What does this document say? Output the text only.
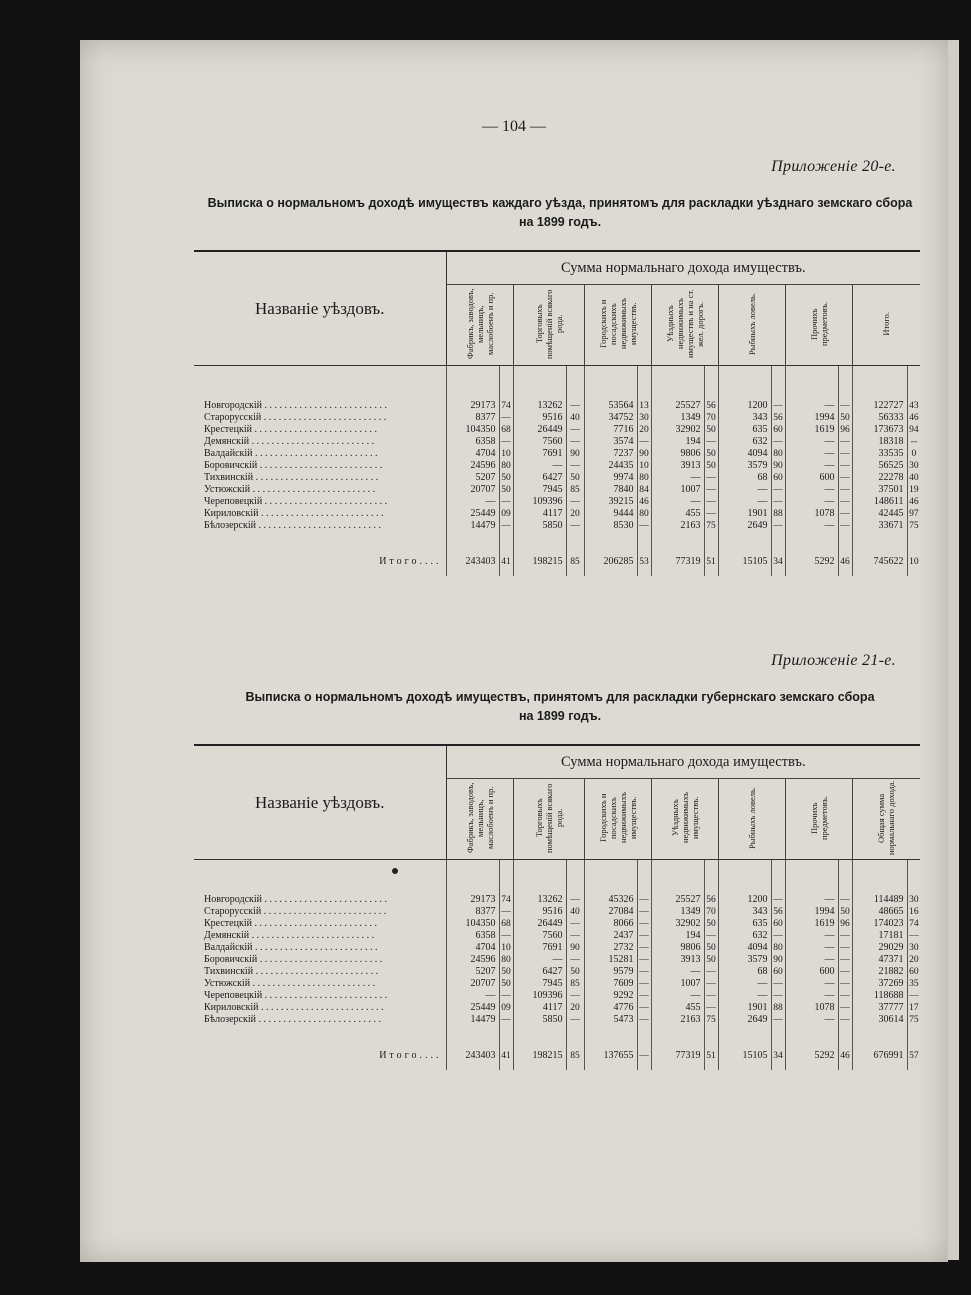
— 104 —
Приложеніе 20-е.
Выписка о нормальномъ доходѣ имуществъ каждаго уѣзда, принятомъ для раскладки уѣзднаго земскаго сбора
на 1899 годъ.
Названіе уѣздовъ.	Сумма нормальнаго дохода имуществъ.													
	Фабрикъ, заводовъ, мельницъ, маслобоенъ и пр.		Торговыхъ помѣщеній всякаго рода.		Городскихъ и посадскихъ недвижимыхъ имуществъ.		Уѣздныхъ недвижимыхъ имуществъ и на ст. жел. дорогъ.		Рыбныхъ ловель.		Прочихъ предметовъ.		Итого.	
Новгородскій . . .	29173	74	13262	—	53564	13	25527	56	1200	—	—	—	122727	43
Старорусскій . . .	8377	—	9516	40	34752	30	1349	70	343	56	1994	50	56333	46
Крестецкій . . .	104350	68	26449	—	7716	20	32902	50	635	60	1619	96	173673	94
Демянскій . . .	6358	—	7560	—	3574	—	194	—	632	—	—	—	18318	--
Валдайскій . . .	4704	10	7691	90	7237	90	9806	50	4094	80	—	—	33535	0
Боровичскій . . .	24596	80	—	—	24435	10	3913	50	3579	90	—	—	56525	30
Тихвинскій . . .	5207	50	6427	50	9974	80	—	—	68	60	600	—	22278	40
Устюжскій . . .	20707	50	7945	85	7840	84	1007	—	—	—	—	—	37501	19
Череповецкій . . .	—	—	109396	—	39215	46	—	—	—	—	—	—	148611	46
Кириловскій . . .	25449	09	4117	20	9444	80	455	—	1901	88	1078	—	42445	97
Бѣлозерскій . . .	14479	—	5850	—	8530	—	2163	75	2649	—	—	—	33671	75

Итого....	243403	41	198215	85	206285	53	77319	51	15105	34	5292	46	745622	10
Приложеніе 21-е.
Выписка о нормальномъ доходѣ имуществъ, принятомъ для раскладки губернскаго земскаго сбора
на 1899 годъ.
Названіе уѣздовъ.	Сумма нормальнаго дохода имуществъ.													
	Фабрикъ, заводовъ, мельницъ, маслобоенъ и пр.		Торговыхъ помѣщеній всякаго рода.		Городскихъ и посадскихъ недвижимыхъ имуществъ.		Уѣздныхъ недвижимыхъ имуществъ.		Рыбныхъ ловель.		Прочихъ предметовъ.		Общая сумма нормальнаго дохода.	
Новгородскій . . .	29173	74	13262	—	45326	—	25527	56	1200	—	—	—	114489	30
Старорусскій . . .	8377	—	9516	40	27084	—	1349	70	343	56	1994	50	48665	16
Крестецкій . . .	104350	68	26449	—	8066	—	32902	50	635	60	1619	96	174023	74
Демянскій . . .	6358	—	7560	—	2437	—	194	—	632	—	—	—	17181	—
Валдайскій . . .	4704	10	7691	90	2732	—	9806	50	4094	80	—	—	29029	30
Боровичскій . . .	24596	80	—	—	15281	—	3913	50	3579	90	—	—	47371	20
Тихвинскій . . .	5207	50	6427	50	9579	—	—	—	68	60	600	—	21882	60
Устюжскій . . .	20707	50	7945	85	7609	—	1007	—	—	—	—	—	37269	35
Череповецкій . . .	—	—	109396	—	9292	—	—	—	—	—	—	—	118688	—
Кириловскій . . .	25449	09	4117	20	4776	—	455	—	1901	88	1078	—	37777	17
Бѣлозерскій . . .	14479	—	5850	—	5473	—	2163	75	2649	—	—	—	30614	75

Итого....	243403	41	198215	85	137655	—	77319	51	15105	34	5292	46	676991	57
